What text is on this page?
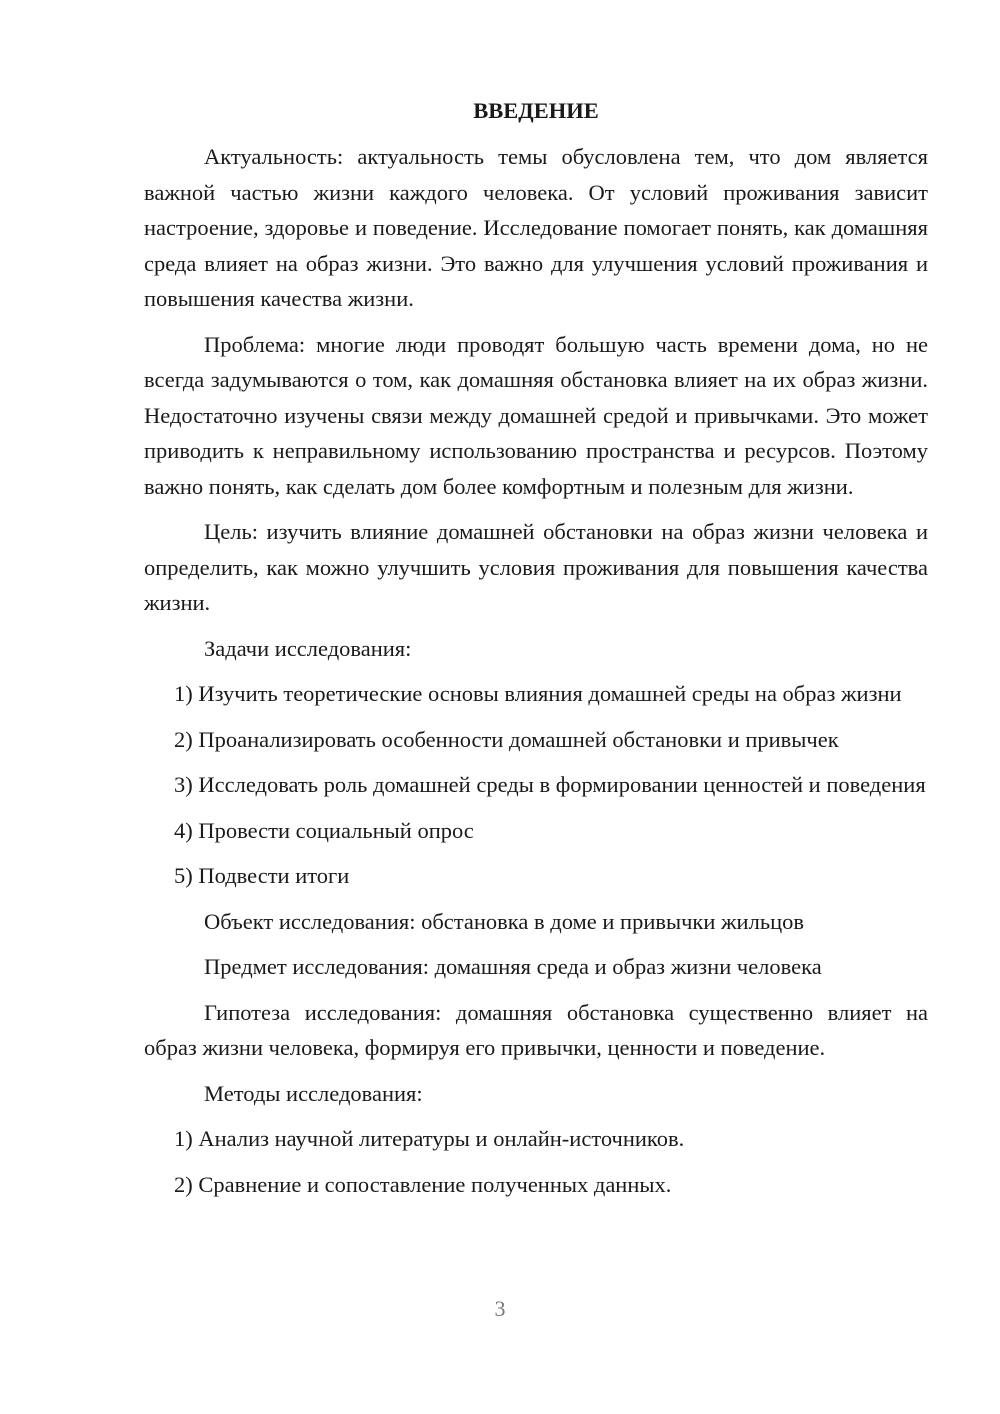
ВВЕДЕНИЕ

Актуальность: актуальность темы обусловлена тем, что дом является важной частью жизни каждого человека. От условий проживания зависит настроение, здоровье и поведение. Исследование помогает понять, как домашняя среда влияет на образ жизни. Это важно для улучшения условий проживания и повышения качества жизни.

Проблема: многие люди проводят большую часть времени дома, но не всегда задумываются о том, как домашняя обстановка влияет на их образ жизни. Недостаточно изучены связи между домашней средой и привычками. Это может приводить к неправильному использованию пространства и ресурсов. Поэтому важно понять, как сделать дом более комфортным и полезным для жизни.

Цель: изучить влияние домашней обстановки на образ жизни человека и определить, как можно улучшить условия проживания для повышения качества жизни.

Задачи исследования:

1) Изучить теоретические основы влияния домашней среды на образ жизни

2) Проанализировать особенности домашней обстановки и привычек

3) Исследовать роль домашней среды в формировании ценностей и поведения

4) Провести социальный опрос

5) Подвести итоги

Объект исследования: обстановка в доме и привычки жильцов

Предмет исследования: домашняя среда и образ жизни человека

Гипотеза исследования: домашняя обстановка существенно влияет на образ жизни человека, формируя его привычки, ценности и поведение.

Методы исследования:

1) Анализ научной литературы и онлайн-источников.

2) Сравнение и сопоставление полученных данных.

3
